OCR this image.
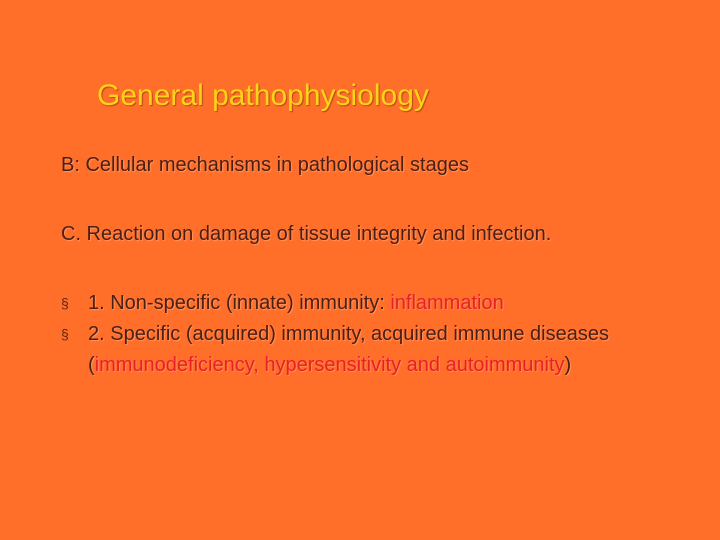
General pathophysiology
B: Cellular mechanisms in pathological stages
C. Reaction on damage of tissue integrity and infection.
§ 1. Non-specific (innate) immunity: inflammation
§ 2. Specific (acquired) immunity, acquired immune diseases (immunodeficiency, hypersensitivity and autoimmunity)
